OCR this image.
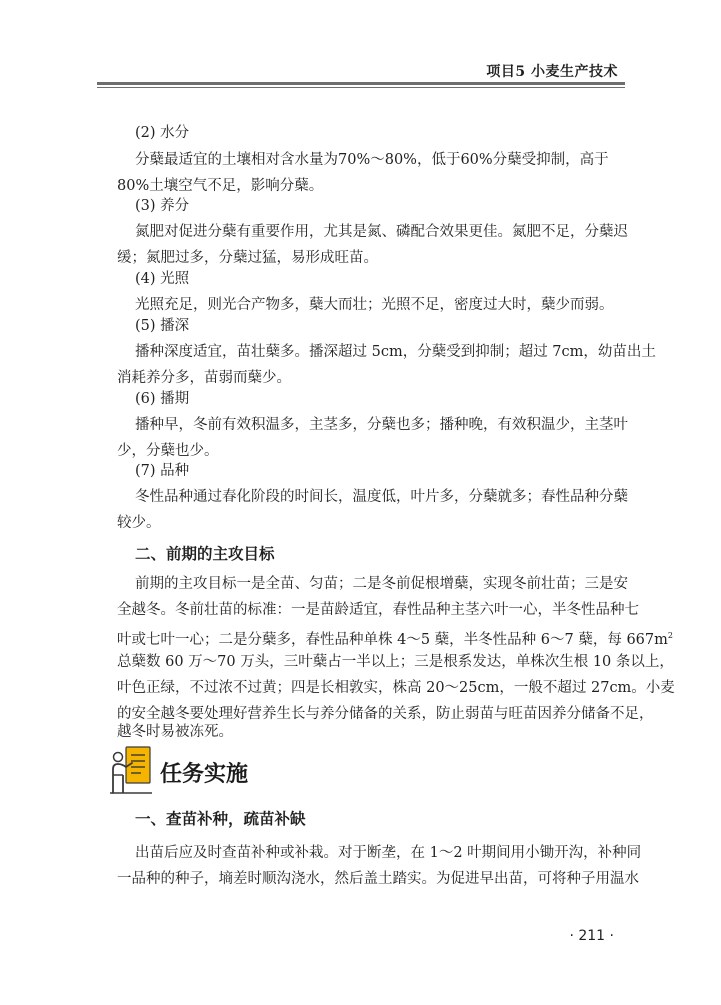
项目5 小麦生产技术
(2) 水分
分蘖最适宜的土壤相对含水量为70%～80%，低于60%分蘖受抑制，高于
80%土壤空气不足，影响分蘖。
(3) 养分
氮肥对促进分蘖有重要作用，尤其是氮、磷配合效果更佳。氮肥不足，分蘖迟
缓；氮肥过多，分蘖过猛，易形成旺苗。
(4) 光照
光照充足，则光合产物多，蘖大而壮；光照不足，密度过大时，蘖少而弱。
(5) 播深
播种深度适宜，苗壮蘖多。播深超过 5cm，分蘖受到抑制；超过 7cm，幼苗出土
消耗养分多，苗弱而蘖少。
(6) 播期
播种早，冬前有效积温多，主茎多，分蘖也多；播种晚，有效积温少，主茎叶
少，分蘖也少。
(7) 品种
冬性品种通过春化阶段的时间长，温度低，叶片多，分蘖就多；春性品种分蘖
较少。
二、前期的主攻目标
前期的主攻目标一是全苗、匀苗；二是冬前促根增蘖，实现冬前壮苗；三是安
全越冬。冬前壮苗的标准：一是苗龄适宜，春性品种主茎六叶一心，半冬性品种七
叶或七叶一心；二是分蘖多，春性品种单株 4～5 蘖，半冬性品种 6～7 蘖，每 $667m^2$
总蘖数 60 万～70 万头，三叶蘖占一半以上；三是根系发达，单株次生根 10 条以上，
叶色正绿，不过浓不过黄；四是长相敦实，株高 20～25cm，一般不超过 27cm。小麦
的安全越冬要处理好营养生长与养分储备的关系，防止弱苗与旺苗因养分储备不足，
越冬时易被冻死。
任务实施
一、查苗补种，疏苗补缺
出苗后应及时查苗补种或补栽。对于断垄，在 1～2 叶期间用小锄开沟，补种同
一品种的种子，墒差时顺沟浇水，然后盖土踏实。为促进早出苗，可将种子用温水
· 211 ·
